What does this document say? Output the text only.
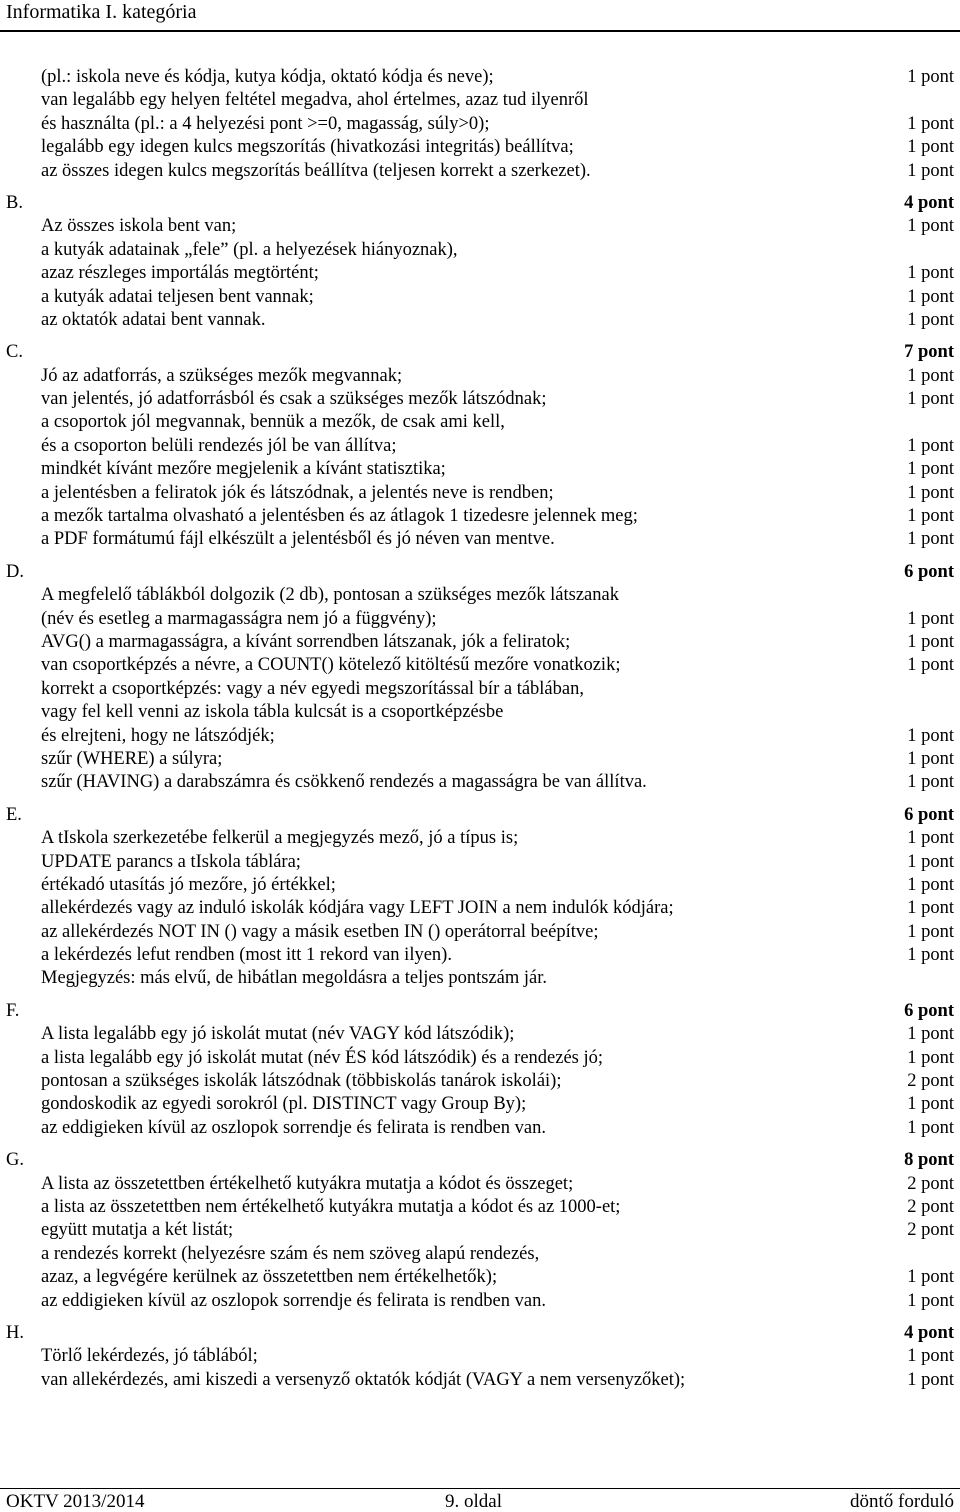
Informatika I. kategória
(pl.: iskola neve és kódja, kutya kódja, oktató kódja és neve);	1 pont
van legalább egy helyen feltétel megadva, ahol értelmes, azaz tud ilyenről
és használta (pl.: a 4 helyezési pont >=0, magasság, súly>0);	1 pont
legalább egy idegen kulcs megszorítás (hivatkozási integritás) beállítva;	1 pont
az összes idegen kulcs megszorítás beállítva (teljesen korrekt a szerkezet).	1 pont
B.	4 pont
Az összes iskola bent van;	1 pont
a kutyák adatainak „fele” (pl. a helyezések hiányoznak),
azaz részleges importálás megtörtént;	1 pont
a kutyák adatai teljesen bent vannak;	1 pont
az oktatók adatai bent vannak.	1 pont
C.	7 pont
Jó az adatforrás, a szükséges mezők megvannak;	1 pont
van jelentés, jó adatforrásból és csak a szükséges mezők látszódnak;	1 pont
a csoportok jól megvannak, bennük a mezők, de csak ami kell,
és a csoporton belüli rendezés jól be van állítva;	1 pont
mindkét kívánt mezőre megjelenik a kívánt statisztika;	1 pont
a jelentésben a feliratok jók és látszódnak, a jelentés neve is rendben;	1 pont
a mezők tartalma olvasható a jelentésben és az átlagok 1 tizedesre jelennek meg;	1 pont
a PDF formátumú fájl elkészült a jelentésből és jó néven van mentve.	1 pont
D.	6 pont
A megfelelő táblákból dolgozik (2 db), pontosan a szükséges mezők látszanak
(név és esetleg a marmagasságra nem jó a függvény);	1 pont
AVG() a marmagasságra, a kívánt sorrendben látszanak, jók a feliratok;	1 pont
van csoportképzés a névre, a COUNT() kötelező kitöltésű mezőre vonatkozik;	1 pont
korrekt a csoportképzés: vagy a név egyedi megszorítással bír a táblában,
vagy fel kell venni az iskola tábla kulcsát is a csoportképzésbe
és elrejteni, hogy ne látszódjék;	1 pont
szűr (WHERE) a súlyra;	1 pont
szűr (HAVING) a darabszámra és csökkenő rendezés a magasságra be van állítva.	1 pont
E.	6 pont
A tIskola szerkezetébe felkerül a megjegyzés mező, jó a típus is;	1 pont
UPDATE parancs a tIskola táblára;	1 pont
értékadó utasítás jó mezőre, jó értékkel;	1 pont
allekérdezés vagy az induló iskolák kódjára vagy LEFT JOIN a nem indulók kódjára;	1 pont
az allekérdezés NOT IN () vagy a másik esetben IN () operátorral beépítve;	1 pont
a lekérdezés lefut rendben (most itt 1 rekord van ilyen).	1 pont
Megjegyzés: más elvű, de hibátlan megoldásra a teljes pontszám jár.
F.	6 pont
A lista legalább egy jó iskolát mutat (név VAGY kód látszódik);	1 pont
a lista legalább egy jó iskolát mutat (név ÉS kód látszódik) és a rendezés jó;	1 pont
pontosan a szükséges iskolák látszódnak (többiskolás tanárok iskolái);	2 pont
gondoskodik az egyedi sorokról (pl. DISTINCT vagy Group By);	1 pont
az eddigieken kívül az oszlopok sorrendje és felirata is rendben van.	1 pont
G.	8 pont
A lista az összetettben értékelhető kutyákra mutatja a kódot és összeget;	2 pont
a lista az összetettben nem értékelhető kutyákra mutatja a kódot és az 1000-et;	2 pont
együtt mutatja a két listát;	2 pont
a rendezés korrekt (helyezésre szám és nem szöveg alapú rendezés,
azaz, a legvégére kerülnek az összetettben nem értékelhetők);	1 pont
az eddigieken kívül az oszlopok sorrendje és felirata is rendben van.	1 pont
H.	4 pont
Törlő lekérdezés, jó táblából;	1 pont
van allekérdezés, ami kiszedi a versenyző oktatók kódját (VAGY a nem versenyzőket);	1 pont
OKTV 2013/2014	9. oldal	döntő forduló
